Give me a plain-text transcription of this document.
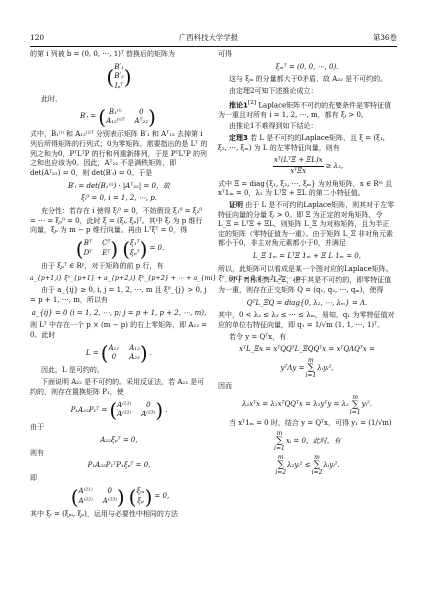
120	广西科技大学学报	第36卷

的第 i 列被 b = (0, 0, ⋯, 1)ᵀ 替换后的矩阵为

( B′₁
B′₂
Iₚᵀ )

此时，

B′ᵢ = ( B₁⁽ⁱ⁾	0
A₁₂⁽ⁱ⁾ᵀ Aᵀ₂₂ )

式中，B₁⁽ⁱ⁾ 和 A₁₂⁽ⁱ⁾ᵀ 分别表示矩阵 B′₁ 和 Aᵀ₁₂ 去掉第 i 列后所得矩阵的行列式；0为零矩阵。需要指出的是 Lᵀ 的列之和为0，PᵀLᵀP 的行和列重新排列，于是 PᵀLᵀP 的列之和也应该为0。因此，Aᵀ₂₂ 不是满秩矩阵，即 det(Aᵀ₂₂) = 0，则 det(B′ᵢ) = 0。于是

B′ᵢ = det(B₁⁽ⁱ⁾) · |Aᵀ₂₂| = 0，故
ξᵢ⁰ = 0, i = 1, 2, ⋯, p.

充分性：若存在 i 使得 ξᵢ⁰ = 0，不妨假设 ξ₁⁰ = ξ₂⁰ = ⋯ = ξₚ⁰ = 0，此时 ξ = (ξᵢ, ξₚ)ᵀ。其中 ξᵢ 为 p 维行向量，ξₚ 为 m − p 维行向量。再由 Lᵀξᵀ = 0，得

( Bᵀ Cᵀ
Dᵀ Eᵀ ) ( ξ₁ᵀ
ξₚᵀ ) = 0.

由于 ξₚᵀ ∈ Rᵖ，对于矩阵的前 p 行，有

a_{p+1,i} ξ⁰_{p+1} + a_{p+2,i} ξ⁰_{p+2} + ⋯ + a_{mi} ξ⁰_{m} = 0, i = 1, 2, ⋯, p.

由于 a_{ij} ≥ 0, i, j = 1, 2, ⋯, m 且 ξ⁰_{j} > 0, j = p + 1, ⋯, m，所以有

a_{ij} = 0 (i = 1, 2, ⋯, p; j = p + 1, p + 2, ⋯, m),

则 Lᵀ 中存在一个 p × (m − p) 的右上零矩阵，即 A₁₂ = 0。此时

L = ( A₁₁ A₁₂
0	A₂₂ ) .

因此，L 是可约的。

下面说明 A₂₂ 是不可约的。采用反证法，若 A₂₂ 是可约的，则存在置换矩阵 P₁，使

P₁A₂₂P₁ᵀ = ( A⁽²¹⁾	0
A⁽²²⁾ A⁽²³⁾ ) .

由于

A₂₂ξₚᵀ = 0,

则有

P₁A₂₂P₁ᵀP₁ξₚᵀ = 0,

即

( A⁽²¹⁾	0
A⁽²²⁾ A⁽²³⁾ ) ( ξₘ
ξₚ ) = 0,

其中 ξₜ = (ξₘ, ξₚ)，运用与必要性中相同的方法

可得

ξₘᵀ = (0, 0, ⋯, 0).

这与 ξₘ 的分量都大于0矛盾，故 A₂₂ 是不可约的。

由定理2可知下述推论成立：

推论1[2] Laplace矩阵不可约的充要条件是零特征值为一重且对所有 i = 1, 2, ⋯, m，都有 ξᵢ > 0。

由推论1不难得到如下结论：

定理3 若 L 是不可约的Laplace矩阵，且 ξ = (ξ₁, ξ₂, ⋯, ξₘ) 为 L 的左零特征向量，则有

$\frac{\text{xᵀ(LᵀΞ + ΞL)x}}{\text{xᵀΞx}} \ge \lambda_2$,

式中 Ξ = diag{ξ₁, ξ₂, ⋯, ξₘ} 为对角矩阵，x ∈ Rᵐ 且 xᵀ1ₘ = 0，λ₂ 为 LᵀΞ + ΞL 的第二小特征值。

证明 由于 L 是不可约的Laplace矩阵，则其对于左零特征向量的分量 ξᵢ > 0。即 Ξ 为正定的对角矩阵，令 L_Ξ = LᵀΞ + ΞL，则矩阵 L_Ξ 为对称矩阵，且为半正定的矩阵（零特征值为一重）。由于矩阵 L_Ξ 非对角元素都小于0，非主对角元素都小于0，并满足

L_Ξ 1ₘ = LᵀΞ 1ₘ + Ξ L 1ₘ = 0,

所以，此矩阵可以看成是某一个图对应的Laplace矩阵。

对于对称矩阵 L_Ξ，由于其是不可约的，即零特征值为一重，则存在正交矩阵 Q = (q₁, q₂, ⋯, qₘ)，使得

QᵀL_ΞQ = diag{0, λ₂, ⋯, λₘ} = Λ.

其中，0 < λ₂ ≤ λ₃ ≤ ⋯ ≤ λₘ，易知，q₁ 为零特征值对应的单位右特征向量，即 q₁ = 1/√m (1, 1, ⋯, 1)ᵀ。

若令 y = Qᵀx，有

xᵀL_Ξx = xᵀQQᵀL_ΞQQᵀx = xᵀQΛQᵀx =
yᵀΛy =
m
∑
i=1
λᵢyᵢ²,

因而

λ₂xᵀx = λ₂xᵀQQᵀx = λ₂yᵀy = λ₂
m
∑
i=1
yᵢ².

当 xᵀ1ₘ = 0 时，结合 y = Qᵀx，可得 y₁ = (1/√m)

m
∑
i=1
xᵢ = 0，此时，有
m
∑
i=2
λ₂yᵢ² ≤
m
∑
i=2
λᵢyᵢ².
